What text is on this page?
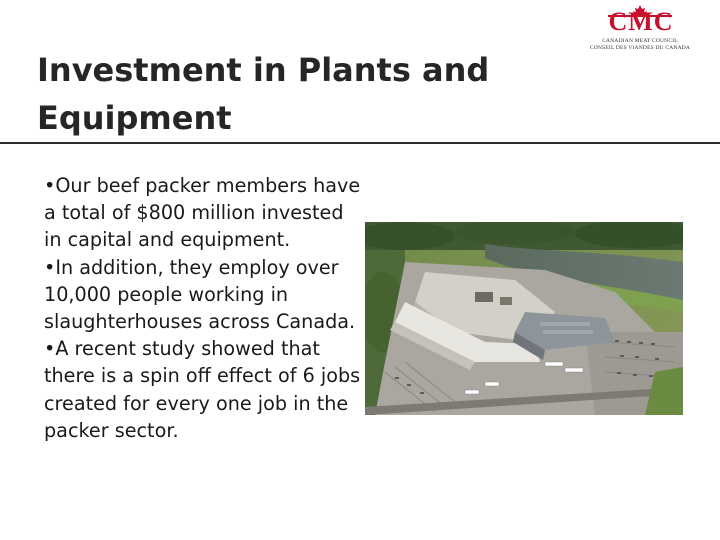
CMC
CANADIAN MEAT COUNCIL
CONSEIL DES VIANDES DU CANADA
Investment in Plants and Equipment

•Our beef packer members have a total of $800 million invested in capital and equipment.

•In addition, they employ over 10,000 people working in slaughterhouses across Canada.

•A recent study showed that there is a spin off effect of 6 jobs created for every one job in the packer sector.
